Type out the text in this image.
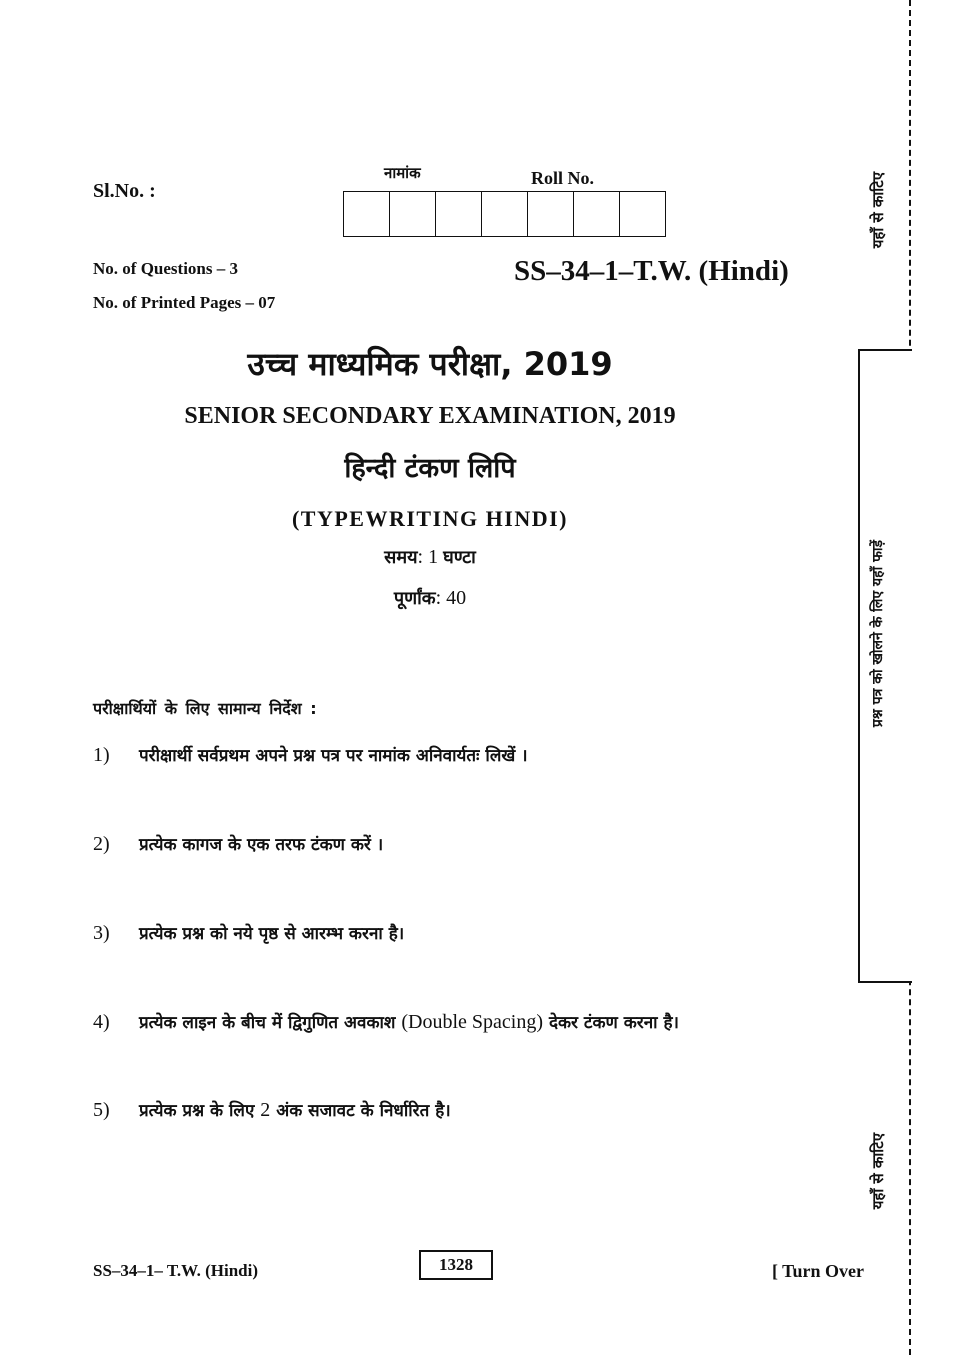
यहाँ से काटिए
प्रश्न पत्र को खोलने के लिए यहाँ फाड़ें
यहाँ से काटिए
Sl.No. :
नामांक	Roll No.
No. of Questions – 3
No. of Printed Pages – 07
SS–34–1–T.W. (Hindi)
उच्च माध्यमिक परीक्षा, 2019
SENIOR SECONDARY EXAMINATION, 2019
हिन्दी टंकण लिपि
(TYPEWRITING HINDI)
समय: 1 घण्टा
पूर्णांक: 40
परीक्षार्थियों के लिए सामान्य निर्देश :
1)	परीक्षार्थी सर्वप्रथम अपने प्रश्न पत्र पर नामांक अनिवार्यतः लिखें ।
2)	प्रत्येक कागज के एक तरफ टंकण करें ।
3)	प्रत्येक प्रश्न को नये पृष्ठ से आरम्भ करना है।
4)	प्रत्येक लाइन के बीच में द्विगुणित अवकाश (Double Spacing) देकर टंकण करना है।
5)	प्रत्येक प्रश्न के लिए 2 अंक सजावट के निर्धारित है।
SS–34–1– T.W. (Hindi)	1328	[ Turn Over
